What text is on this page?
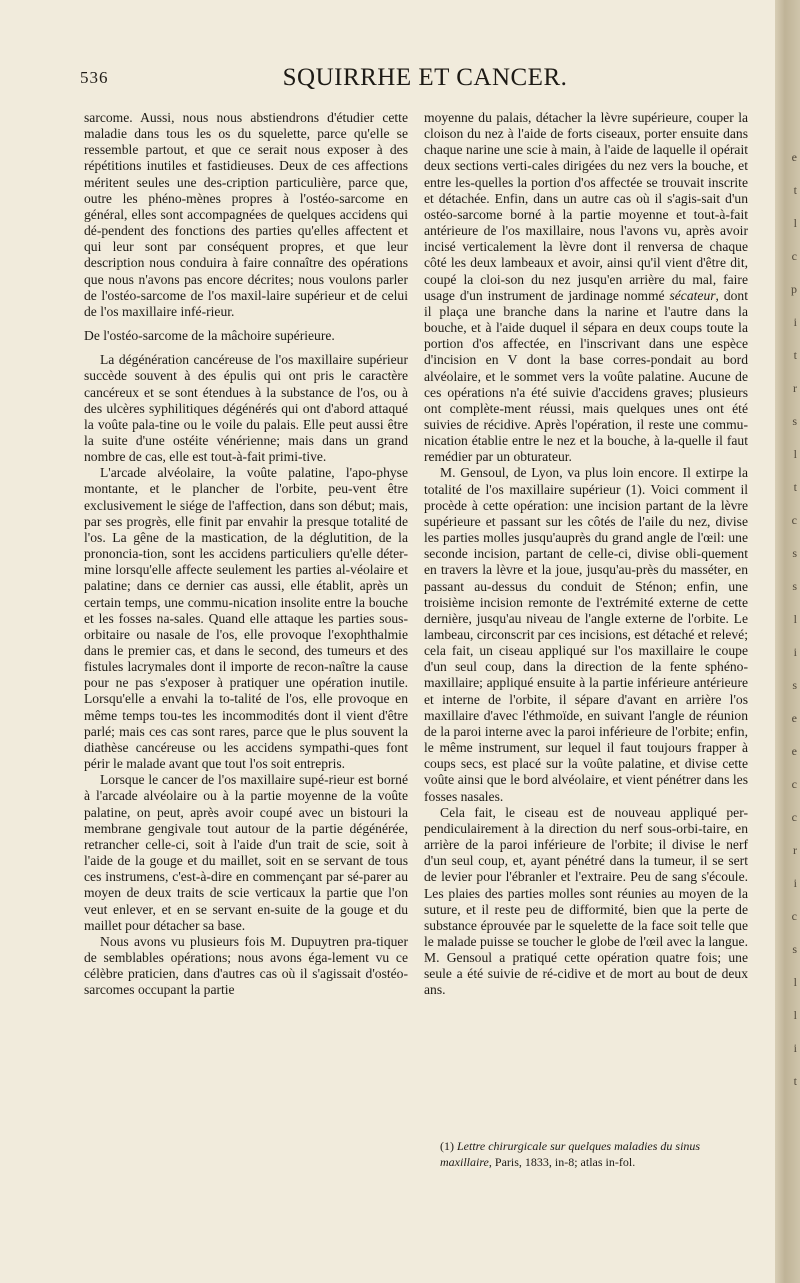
536	SQUIRRHE ET CANCER.

sarcome. Aussi, nous nous abstiendrons d'étudier cette maladie dans tous les os du squelette, parce qu'elle se ressemble partout, et que ce serait nous exposer à des répétitions inutiles et fastidieuses. Deux de ces affections méritent seules une des-cription particulière, parce que, outre les phéno-mènes propres à l'ostéo-sarcome en général, elles sont accompagnées de quelques accidens qui dé-pendent des fonctions des parties qu'elles affectent et qui leur sont par conséquent propres, et que leur description nous conduira à faire connaître des opérations que nous n'avons pas encore décrites; nous voulons parler de l'ostéo-sarcome de l'os maxil-laire supérieur et de celui de l'os maxillaire infé-rieur.

De l'ostéo-sarcome de la mâchoire supérieure.

La dégénération cancéreuse de l'os maxillaire supérieur succède souvent à des épulis qui ont pris le caractère cancéreux et se sont étendues à la substance de l'os, ou à des ulcères syphilitiques dégénérés qui ont d'abord attaqué la voûte pala-tine ou le voile du palais. Elle peut aussi être la suite d'une ostéite vénérienne; mais dans un grand nombre de cas, elle est tout-à-fait primi-tive.

L'arcade alvéolaire, la voûte palatine, l'apo-physe montante, et le plancher de l'orbite, peu-vent être exclusivement le siége de l'affection, dans son début; mais, par ses progrès, elle finit par envahir la presque totalité de l'os. La gêne de la mastication, de la déglutition, de la prononcia-tion, sont les accidens particuliers qu'elle déter-mine lorsqu'elle affecte seulement les parties al-véolaire et palatine; dans ce dernier cas aussi, elle établit, après un certain temps, une commu-nication insolite entre la bouche et les fosses na-sales. Quand elle attaque les parties sous-orbitaire ou nasale de l'os, elle provoque l'exophthalmie dans le premier cas, et dans le second, des tumeurs et des fistules lacrymales dont il importe de recon-naître la cause pour ne pas s'exposer à pratiquer une opération inutile. Lorsqu'elle a envahi la to-talité de l'os, elle provoque en même temps tou-tes les incommodités dont il vient d'être parlé; mais ces cas sont rares, parce que le plus souvent la diathèse cancéreuse ou les accidens sympathi-ques font périr le malade avant que tout l'os soit entrepris.

Lorsque le cancer de l'os maxillaire supé-rieur est borné à l'arcade alvéolaire ou à la partie moyenne de la voûte palatine, on peut, après avoir coupé avec un bistouri la membrane gengivale tout autour de la partie dégénérée, retrancher celle-ci, soit à l'aide d'un trait de scie, soit à l'aide de la gouge et du maillet, soit en se servant de tous ces instrumens, c'est-à-dire en commençant par sé-parer au moyen de deux traits de scie verticaux la partie que l'on veut enlever, et en se servant en-suite de la gouge et du maillet pour détacher sa base.

Nous avons vu plusieurs fois M. Dupuytren pra-tiquer de semblables opérations; nous avons éga-lement vu ce célèbre praticien, dans d'autres cas où il s'agissait d'ostéo-sarcomes occupant la partie

moyenne du palais, détacher la lèvre supérieure, couper la cloison du nez à l'aide de forts ciseaux, porter ensuite dans chaque narine une scie à main, à l'aide de laquelle il opérait deux sections verti-cales dirigées du nez vers la bouche, et entre les-quelles la portion d'os affectée se trouvait inscrite et détachée. Enfin, dans un autre cas où il s'agis-sait d'un ostéo-sarcome borné à la partie moyenne et tout-à-fait antérieure de l'os maxillaire, nous l'avons vu, après avoir incisé verticalement la lèvre dont il renversa de chaque côté les deux lambeaux et avoir, ainsi qu'il vient d'être dit, coupé la cloi-son du nez jusqu'en arrière du mal, faire usage d'un instrument de jardinage nommé sécateur, dont il plaça une branche dans la narine et l'autre dans la bouche, et à l'aide duquel il sépara en deux coups toute la portion d'os affectée, en l'inscrivant dans une espèce d'incision en V dont la base corres-pondait au bord alvéolaire, et le sommet vers la voûte palatine. Aucune de ces opérations n'a été suivie d'accidens graves; plusieurs ont complète-ment réussi, mais quelques unes ont été suivies de récidive. Après l'opération, il reste une commu-nication établie entre le nez et la bouche, à la-quelle il faut remédier par un obturateur.

M. Gensoul, de Lyon, va plus loin encore. Il extirpe la totalité de l'os maxillaire supérieur (1). Voici comment il procède à cette opération: une incision partant de la lèvre supérieure et passant sur les côtés de l'aile du nez, divise les parties molles jusqu'auprès du grand angle de l'œil: une seconde incision, partant de celle-ci, divise obli-quement en travers la lèvre et la joue, jusqu'au-près du masséter, en passant au-dessus du conduit de Sténon; enfin, une troisième incision remonte de l'extrémité externe de cette dernière, jusqu'au niveau de l'angle externe de l'orbite. Le lambeau, circonscrit par ces incisions, est détaché et relevé; cela fait, un ciseau appliqué sur l'os maxillaire le coupe d'un seul coup, dans la direction de la fente sphéno-maxillaire; appliqué ensuite à la partie inférieure antérieure et interne de l'orbite, il sépare d'avant en arrière l'os maxillaire d'avec l'éthmoïde, en suivant l'angle de réunion de la paroi interne avec la paroi inférieure de l'orbite; enfin, le même instrument, sur lequel il faut toujours frapper à coups secs, est placé sur la voûte palatine, et divise cette voûte ainsi que le bord alvéolaire, et vient pénétrer dans les fosses nasales.

Cela fait, le ciseau est de nouveau appliqué per-pendiculairement à la direction du nerf sous-orbi-taire, en arrière de la paroi inférieure de l'orbite; il divise le nerf d'un seul coup, et, ayant pénétré dans la tumeur, il se sert de levier pour l'ébranler et l'extraire. Peu de sang s'écoule. Les plaies des parties molles sont réunies au moyen de la suture, et il reste peu de difformité, bien que la perte de substance éprouvée par le squelette de la face soit telle que le malade puisse se toucher le globe de l'œil avec la langue. M. Gensoul a pratiqué cette opération quatre fois; une seule a été suivie de ré-cidive et de mort au bout de deux ans.

(1) Lettre chirurgicale sur quelques maladies du sinus maxillaire, Paris, 1833, in-8; atlas in-fol.
e
t
l
c
p
i
t
r
s
l
t
c
s
s
l
i
s
e
e
c
c
r
i
c
s
l
l
i
t
